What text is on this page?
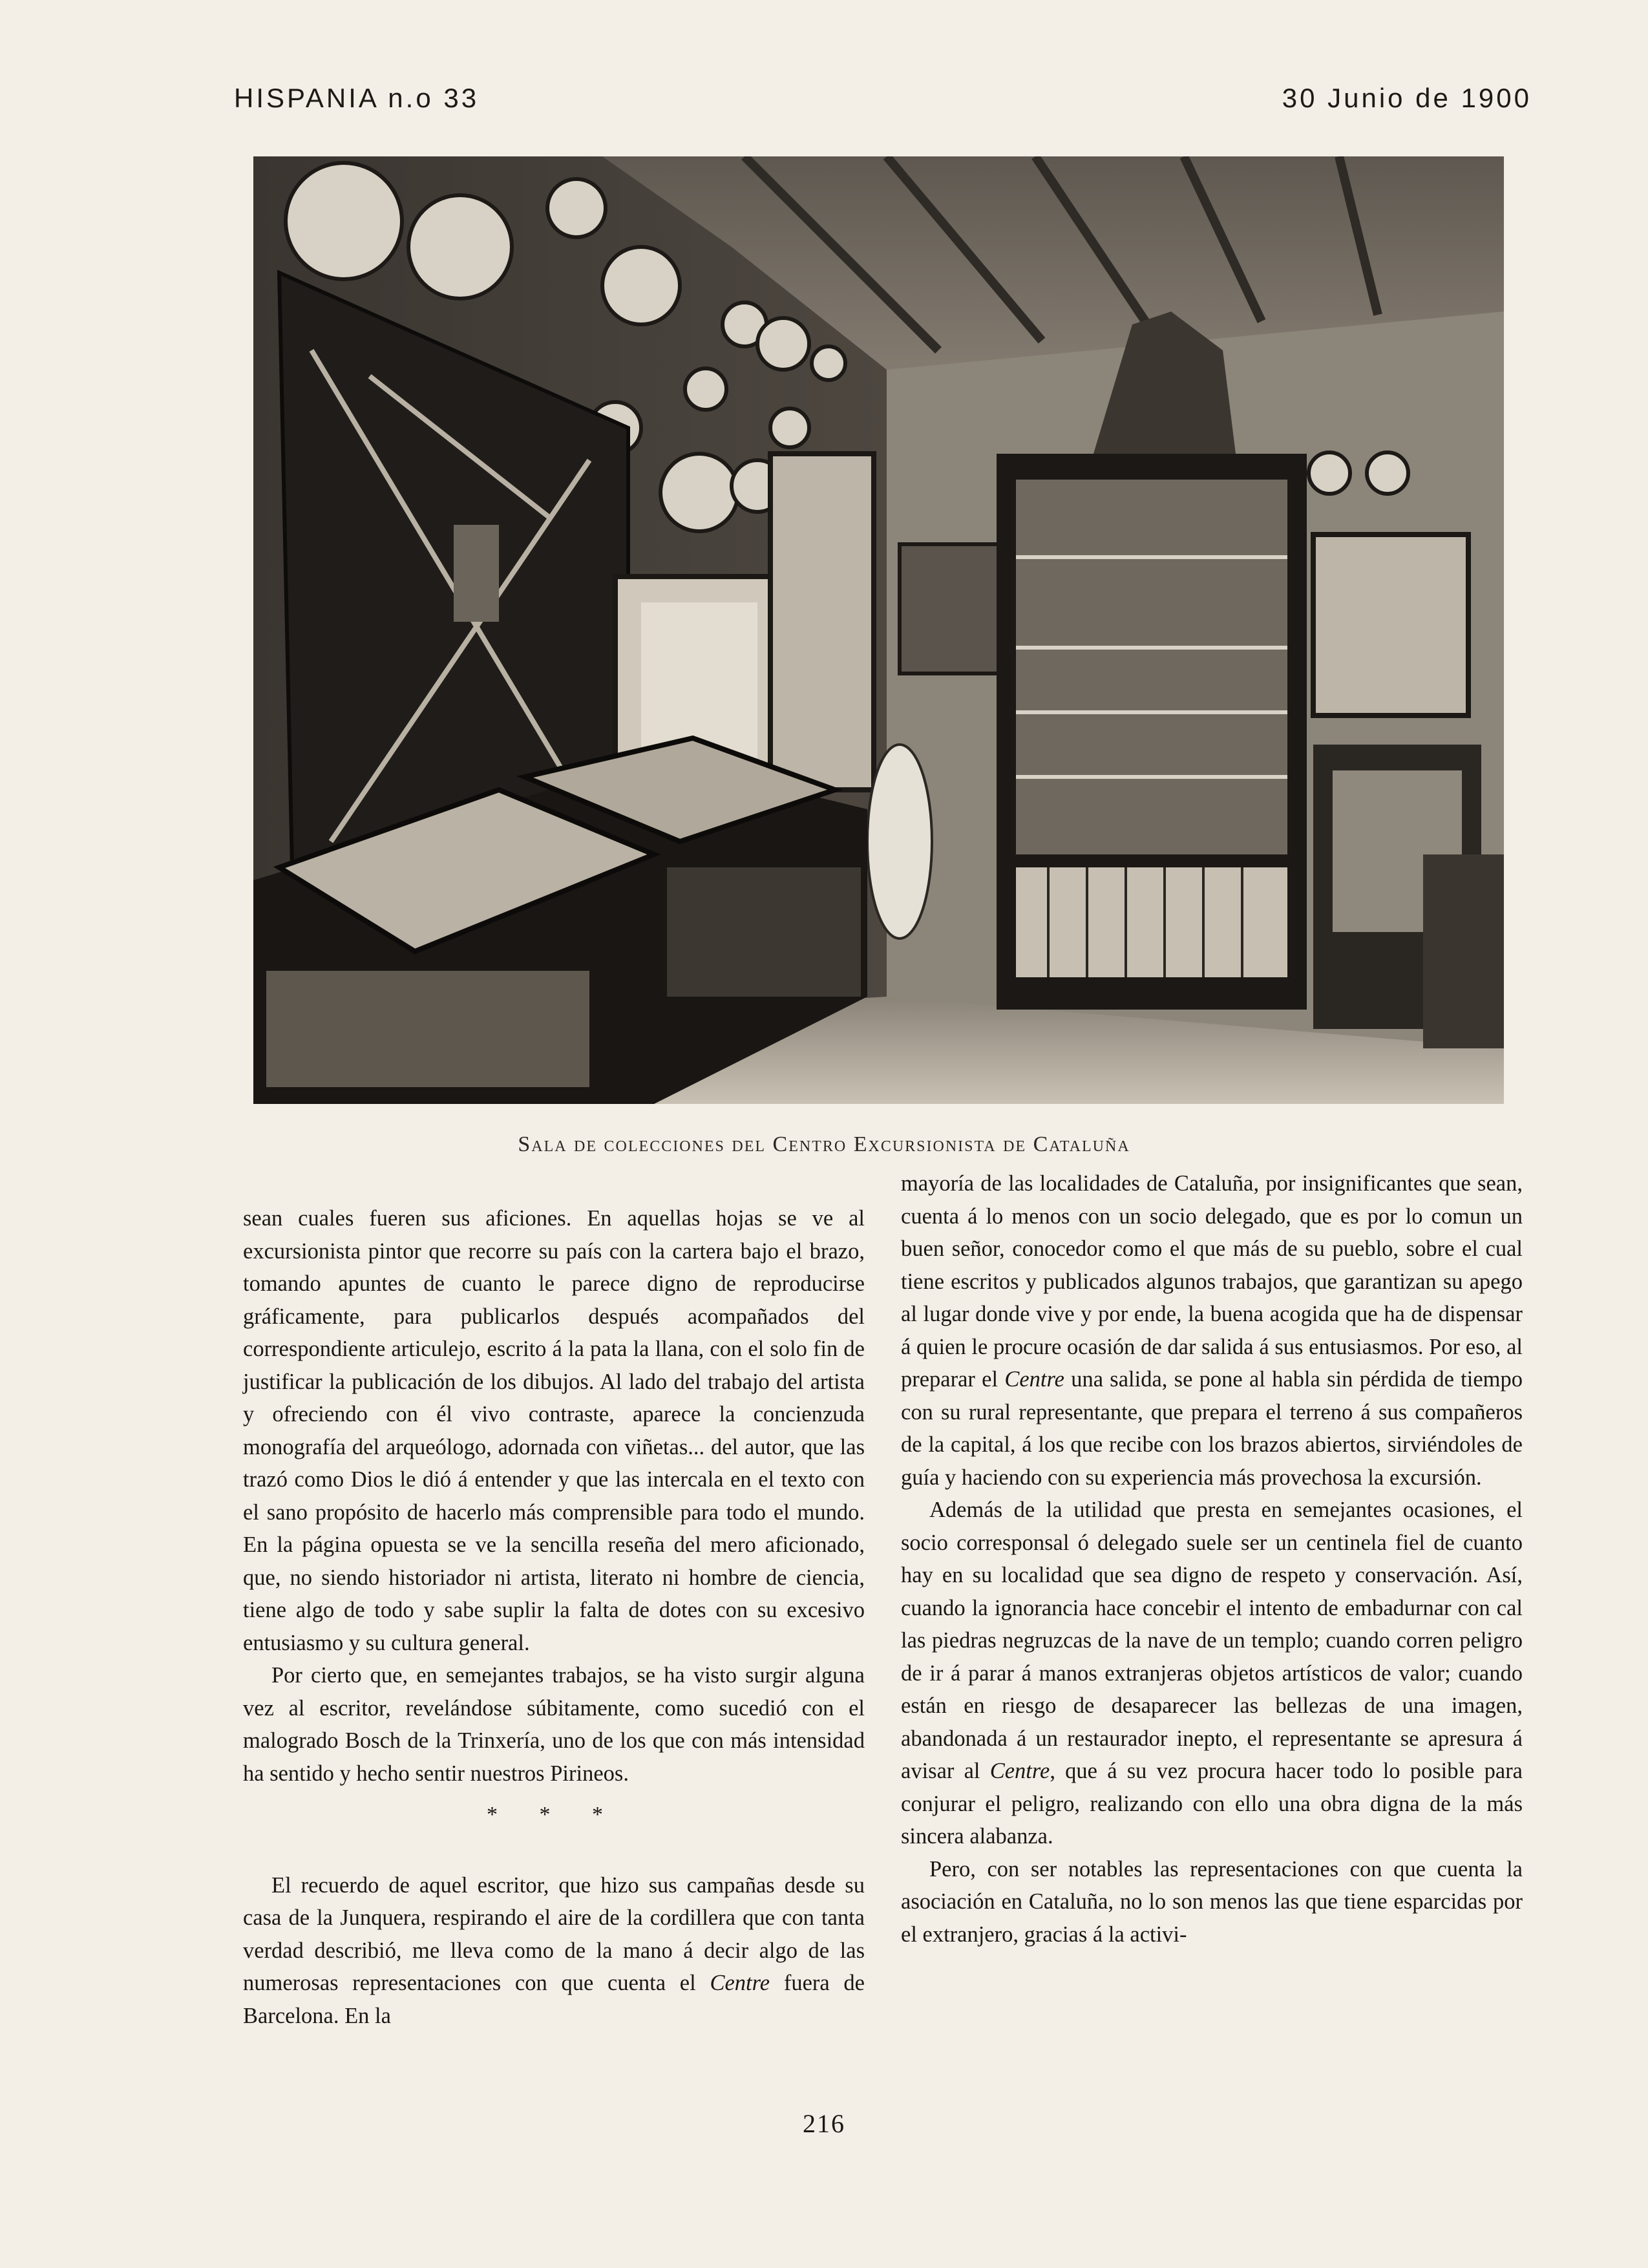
HISPANIA n.o 33	30 Junio de 1900
Sala de colecciones del Centro Excursionista de Cataluña

sean cuales fueren sus aficiones. En aquellas hojas se ve al excursionista pintor que recorre su país con la cartera bajo el brazo, tomando apuntes de cuanto le parece digno de reproducirse gráficamente, para publicarlos después acompañados del correspondiente articulejo, escrito á la pata la llana, con el solo fin de justificar la publicación de los dibujos. Al lado del trabajo del artista y ofreciendo con él vivo contraste, aparece la concienzuda monografía del arqueólogo, adornada con viñetas... del autor, que las trazó como Dios le dió á entender y que las intercala en el texto con el sano propósito de hacerlo más comprensible para todo el mundo. En la página opuesta se ve la sencilla reseña del mero aficionado, que, no siendo historiador ni artista, literato ni hombre de ciencia, tiene algo de todo y sabe suplir la falta de dotes con su excesivo entusiasmo y su cultura general.

Por cierto que, en semejantes trabajos, se ha visto surgir alguna vez al escritor, revelándose súbitamente, como sucedió con el malogrado Bosch de la Trinxería, uno de los que con más intensidad ha sentido y hecho sentir nuestros Pirineos.

* * *

El recuerdo de aquel escritor, que hizo sus campañas desde su casa de la Junquera, respirando el aire de la cordillera que con tanta verdad describió, me lleva como de la mano á decir algo de las numerosas representaciones con que cuenta el Centre fuera de Barcelona. En la

mayoría de las localidades de Cataluña, por insignificantes que sean, cuenta á lo menos con un socio delegado, que es por lo comun un buen señor, conocedor como el que más de su pueblo, sobre el cual tiene escritos y publicados algunos trabajos, que garantizan su apego al lugar donde vive y por ende, la buena acogida que ha de dispensar á quien le procure ocasión de dar salida á sus entusiasmos. Por eso, al preparar el Centre una salida, se pone al habla sin pérdida de tiempo con su rural representante, que prepara el terreno á sus compañeros de la capital, á los que recibe con los brazos abiertos, sirviéndoles de guía y haciendo con su experiencia más provechosa la excursión.

Además de la utilidad que presta en semejantes ocasiones, el socio corresponsal ó delegado suele ser un centinela fiel de cuanto hay en su localidad que sea digno de respeto y conservación. Así, cuando la ignorancia hace concebir el intento de embadurnar con cal las piedras negruzcas de la nave de un templo; cuando corren peligro de ir á parar á manos extranjeras objetos artísticos de valor; cuando están en riesgo de desaparecer las bellezas de una imagen, abandonada á un restaurador inepto, el representante se apresura á avisar al Centre, que á su vez procura hacer todo lo posible para conjurar el peligro, realizando con ello una obra digna de la más sincera alabanza.

Pero, con ser notables las representaciones con que cuenta la asociación en Cataluña, no lo son menos las que tiene esparcidas por el extranjero, gracias á la activi-

216
